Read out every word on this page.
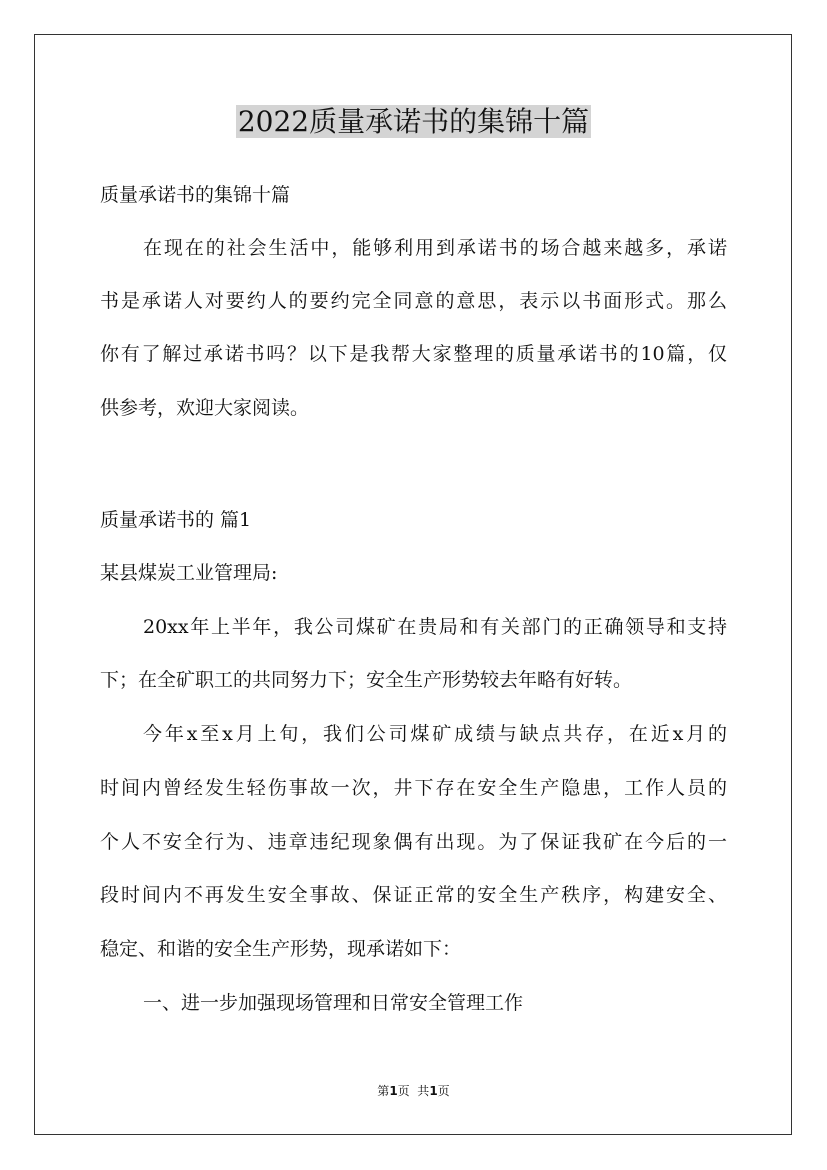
2022质量承诺书的集锦十篇
质量承诺书的集锦十篇
在现在的社会生活中，能够利用到承诺书的场合越来越多，承诺
书是承诺人对要约人的要约完全同意的意思，表示以书面形式。那么
你有了解过承诺书吗？以下是我帮大家整理的质量承诺书的10篇，仅
供参考，欢迎大家阅读。
质量承诺书的 篇1
某县煤炭工业管理局:
20xx年上半年，我公司煤矿在贵局和有关部门的正确领导和支持
下；在全矿职工的共同努力下；安全生产形势较去年略有好转。
今年x至x月上旬，我们公司煤矿成绩与缺点共存，在近x月的
时间内曾经发生轻伤事故一次，井下存在安全生产隐患，工作人员的
个人不安全行为、违章违纪现象偶有出现。为了保证我矿在今后的一
段时间内不再发生安全事故、保证正常的安全生产秩序，构建安全、
稳定、和谐的安全生产形势，现承诺如下：
一、进一步加强现场管理和日常安全管理工作
第1页  共1页
